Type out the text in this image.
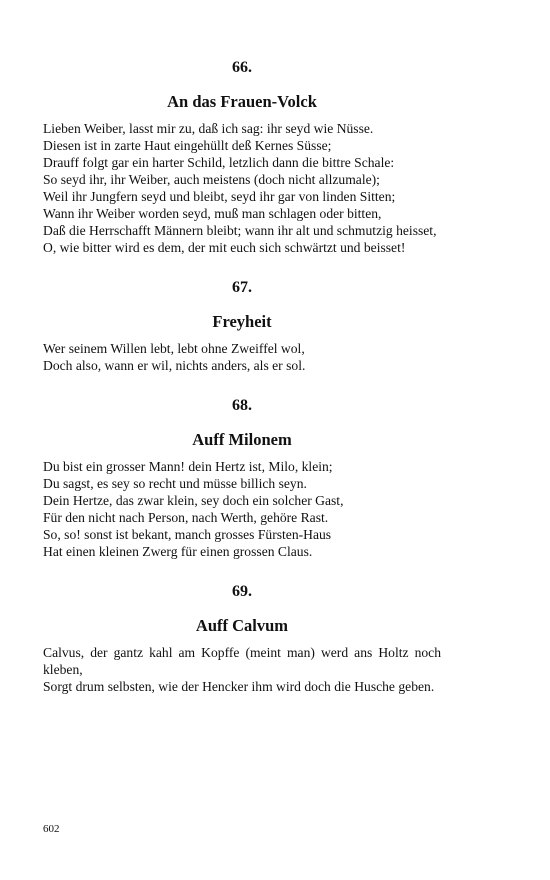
66.

An das Frauen-Volck

Lieben Weiber, lasst mir zu, daß ich sag: ihr seyd wie Nüsse.

Diesen ist in zarte Haut eingehüllt deß Kernes Süsse;

Drauff folgt gar ein harter Schild, letzlich dann die bittre Schale:

So seyd ihr, ihr Weiber, auch meistens (doch nicht allzumale);

Weil ihr Jungfern seyd und bleibt, seyd ihr gar von linden Sitten;

Wann ihr Weiber worden seyd, muß man schlagen oder bitten,

Daß die Herrschafft Männern bleibt; wann ihr alt und schmutzig heisset,

O, wie bitter wird es dem, der mit euch sich schwärtzt und beisset!

67.

Freyheit

Wer seinem Willen lebt, lebt ohne Zweiffel wol,

Doch also, wann er wil, nichts anders, als er sol.

68.

Auff Milonem

Du bist ein grosser Mann! dein Hertz ist, Milo, klein;

Du sagst, es sey so recht und müsse billich seyn.

Dein Hertze, das zwar klein, sey doch ein solcher Gast,

Für den nicht nach Person, nach Werth, gehöre Rast.

So, so! sonst ist bekant, manch grosses Fürsten-Haus

Hat einen kleinen Zwerg für einen grossen Claus.

69.

Auff Calvum

Calvus, der gantz kahl am Kopffe (meint man) werd ans Holtz noch kleben,

Sorgt drum selbsten, wie der Hencker ihm wird doch die Husche geben.

602
